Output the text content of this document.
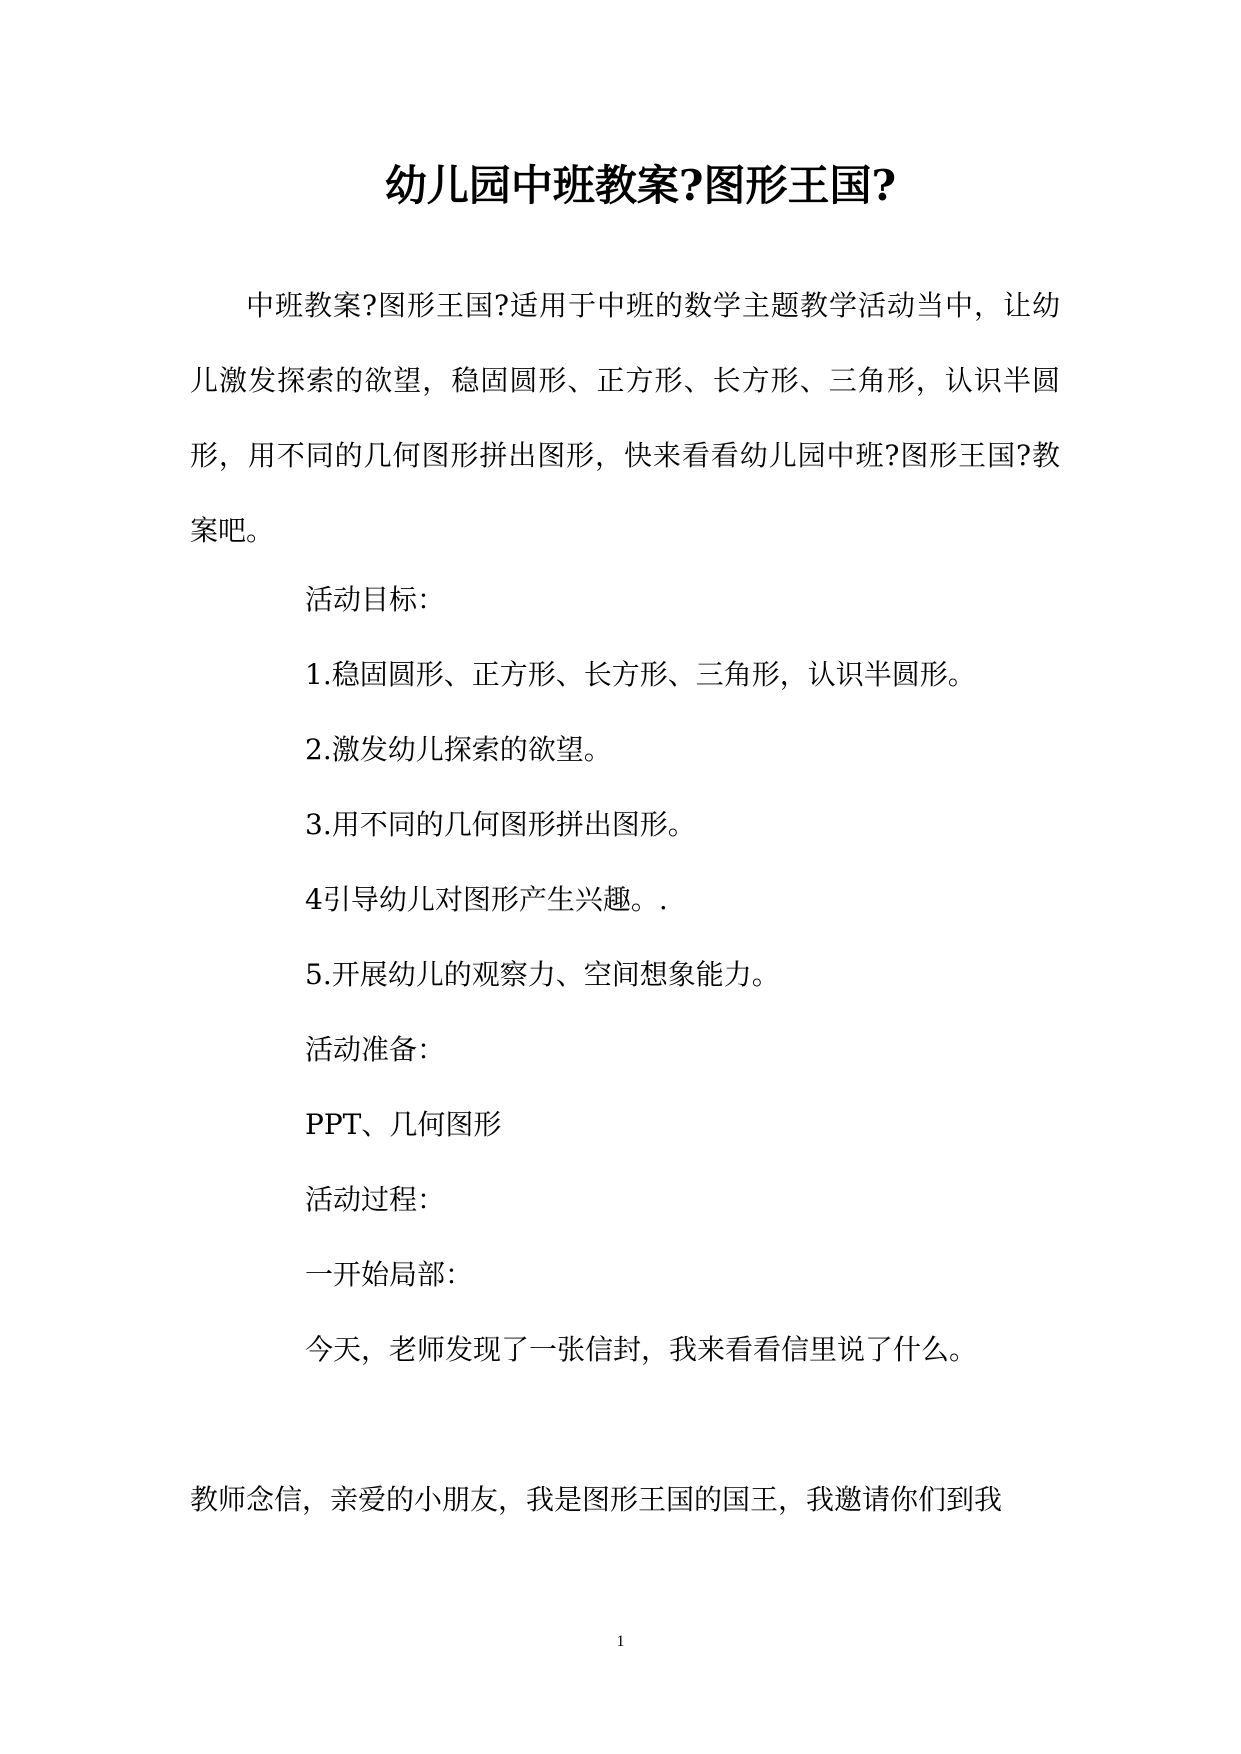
幼儿园中班教案?图形王国?

中班教案?图形王国?适用于中班的数学主题教学活动当中，让幼儿激发探索的欲望，稳固圆形、正方形、长方形、三角形，认识半圆形，用不同的几何图形拼出图形，快来看看幼儿园中班?图形王国?教案吧。

活动目标：
1.稳固圆形、正方形、长方形、三角形，认识半圆形。
2.激发幼儿探索的欲望。
3.用不同的几何图形拼出图形。
4引导幼儿对图形产生兴趣。.
5.开展幼儿的观察力、空间想象能力。
活动准备：
PPT、几何图形
活动过程：
一开始局部：
今天，老师发现了一张信封，我来看看信里说了什么。

教师念信，亲爱的小朋友，我是图形王国的国王，我邀请你们到我

1
